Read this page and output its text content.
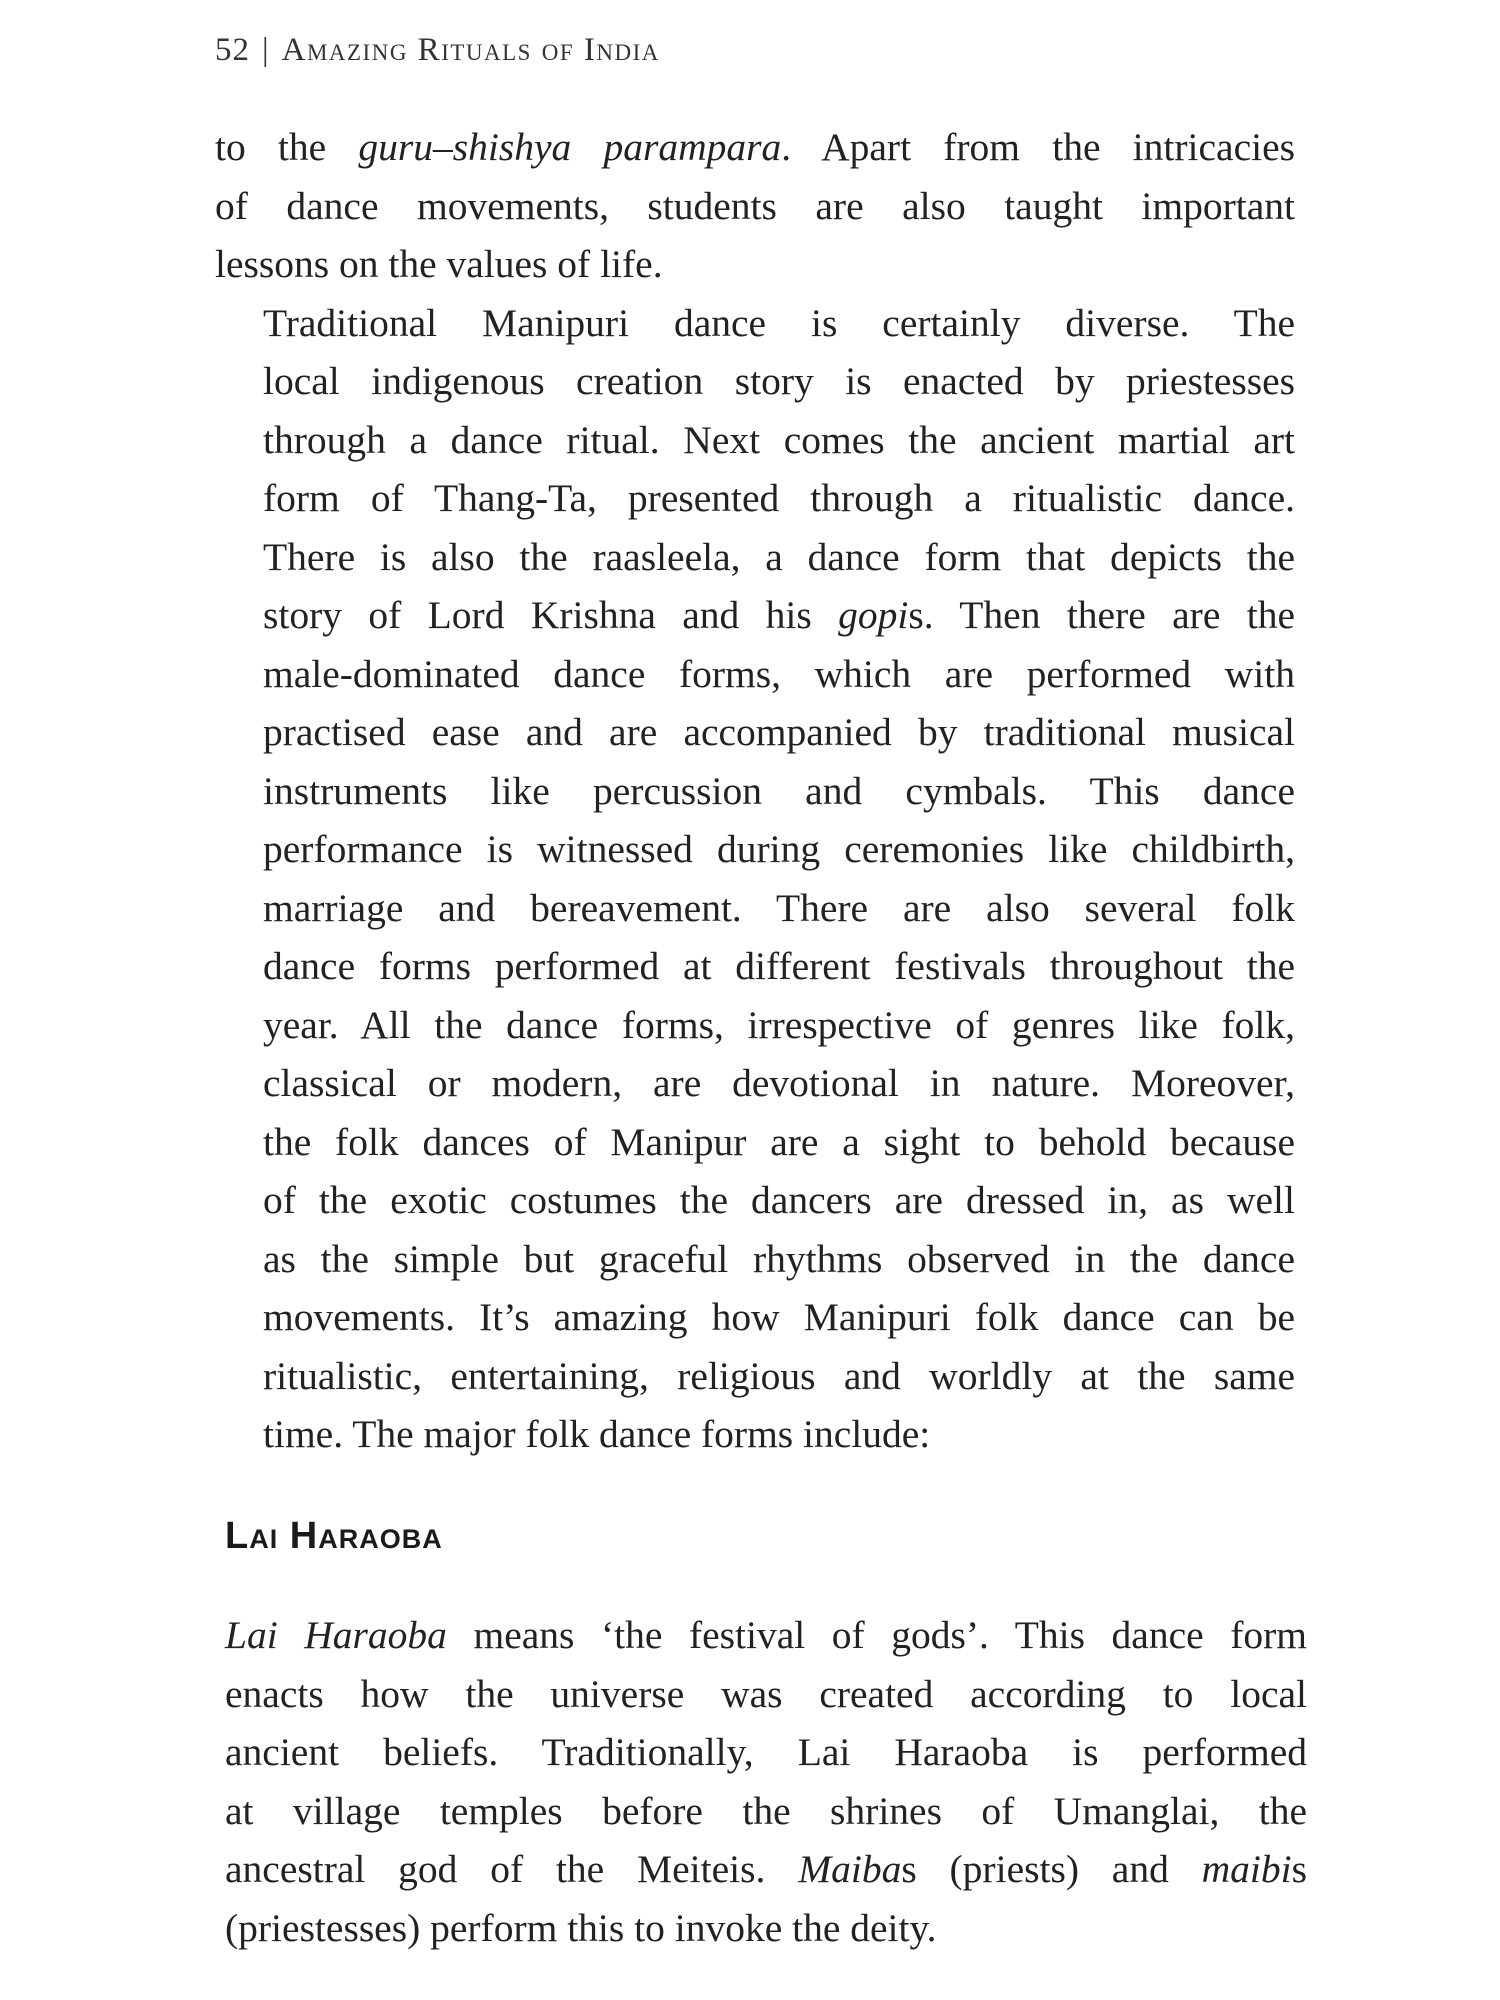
52 | Amazing Rituals of India

to the guru–shishya parampara. Apart from the intricacies
of dance movements, students are also taught important
lessons on the values of life.

Traditional Manipuri dance is certainly diverse. The
local indigenous creation story is enacted by priestesses
through a dance ritual. Next comes the ancient martial art
form of Thang-Ta, presented through a ritualistic dance.
There is also the raasleela, a dance form that depicts the
story of Lord Krishna and his gopis. Then there are the
male-dominated dance forms, which are performed with
practised ease and are accompanied by traditional musical
instruments like percussion and cymbals. This dance
performance is witnessed during ceremonies like childbirth,
marriage and bereavement. There are also several folk
dance forms performed at different festivals throughout the
year. All the dance forms, irrespective of genres like folk,
classical or modern, are devotional in nature. Moreover,
the folk dances of Manipur are a sight to behold because
of the exotic costumes the dancers are dressed in, as well
as the simple but graceful rhythms observed in the dance
movements. It’s amazing how Manipuri folk dance can be
ritualistic, entertaining, religious and worldly at the same
time. The major folk dance forms include:

Lai Haraoba

Lai Haraoba means ‘the festival of gods’. This dance form
enacts how the universe was created according to local
ancient beliefs. Traditionally, Lai Haraoba is performed
at village temples before the shrines of Umanglai, the
ancestral god of the Meiteis. Maibas (priests) and maibis
(priestesses) perform this to invoke the deity.
